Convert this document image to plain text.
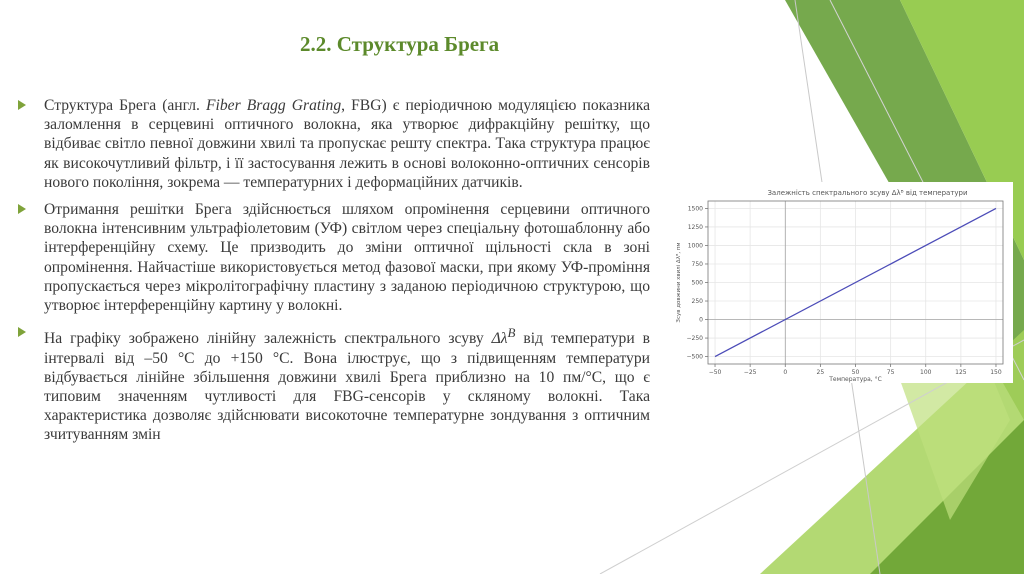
2.2. Структура Брега
Структура Брега (англ. Fiber Bragg Grating, FBG) є періодичною модуляцією показника заломлення в серцевині оптичного волокна, яка утворює дифракційну решітку, що відбиває світло певної довжини хвилі та пропускає решту спектра. Така структура працює як високочутливий фільтр, і її застосування лежить в основі волоконно-оптичних сенсорів нового покоління, зокрема — температурних і деформаційних датчиків.
Отримання решітки Брега здійснюється шляхом опромінення серцевини оптичного волокна інтенсивним ультрафіолетовим (УФ) світлом через спеціальну фотошаблонну або інтерференційну схему. Це призводить до зміни оптичної щільності скла в зоні опромінення. Найчастіше використовується метод фазової маски, при якому УФ-проміння пропускається через мікролітографічну пластину з заданою періодичною структурою, що утворює інтерференційну картину у волокні.
На графіку зображено лінійну залежність спектрального зсуву $\Delta\lambda^B$ від температури в інтервалі від –50 °C до +150 °C. Вона ілюструє, що з підвищенням температури відбувається лінійне збільшення довжини хвилі Брега приблизно на 10 пм/°C, що є типовим значенням чутливості для FBG-сенсорів у скляному волокні. Така характеристика дозволяє здійснювати високоточне температурне зондування з оптичним зчитуванням змін
−50	−25	0	25	50	75	100	125	150
−500
−250
0
250
500
750
1000
1250
1500
Залежність спектрального зсуву Δλᴮ від температури
Температура, °C
Зсув довжини хвилі Δλᴮ, пм
